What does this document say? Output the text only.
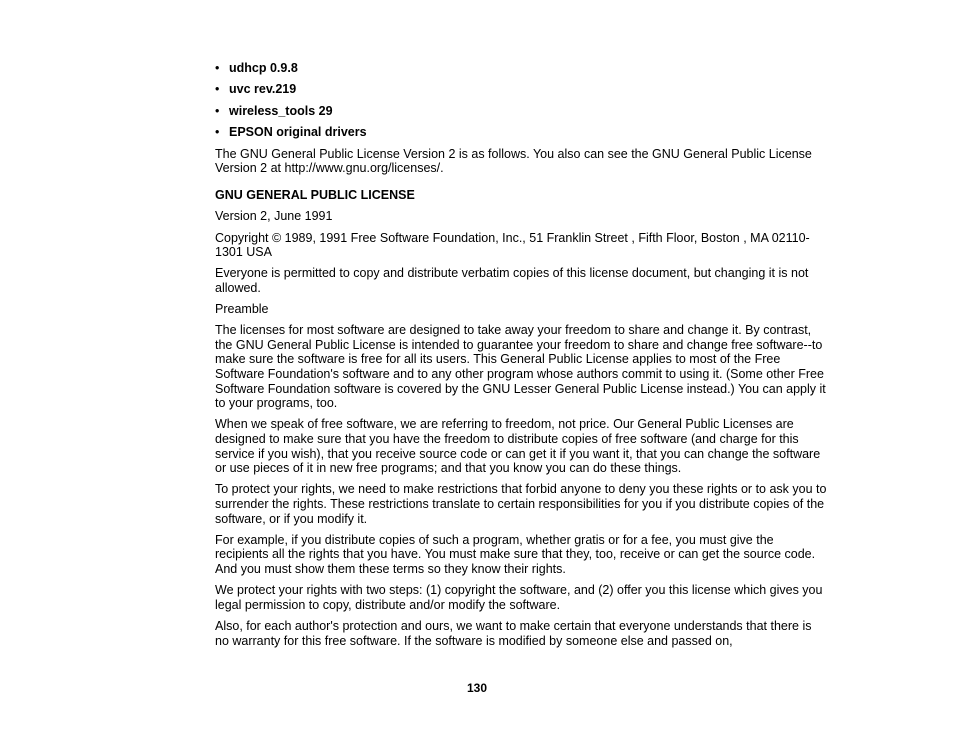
• udhcp 0.9.8
• uvc rev.219
• wireless_tools 29
• EPSON original drivers

The GNU General Public License Version 2 is as follows. You also can see the GNU General Public License Version 2 at http://www.gnu.org/licenses/.

GNU GENERAL PUBLIC LICENSE

Version 2, June 1991

Copyright © 1989, 1991 Free Software Foundation, Inc., 51 Franklin Street , Fifth Floor, Boston , MA 02110-1301 USA

Everyone is permitted to copy and distribute verbatim copies of this license document, but changing it is not allowed.

Preamble

The licenses for most software are designed to take away your freedom to share and change it. By contrast, the GNU General Public License is intended to guarantee your freedom to share and change free software--to make sure the software is free for all its users. This General Public License applies to most of the Free Software Foundation's software and to any other program whose authors commit to using it. (Some other Free Software Foundation software is covered by the GNU Lesser General Public License instead.) You can apply it to your programs, too.

When we speak of free software, we are referring to freedom, not price. Our General Public Licenses are designed to make sure that you have the freedom to distribute copies of free software (and charge for this service if you wish), that you receive source code or can get it if you want it, that you can change the software or use pieces of it in new free programs; and that you know you can do these things.

To protect your rights, we need to make restrictions that forbid anyone to deny you these rights or to ask you to surrender the rights. These restrictions translate to certain responsibilities for you if you distribute copies of the software, or if you modify it.

For example, if you distribute copies of such a program, whether gratis or for a fee, you must give the recipients all the rights that you have. You must make sure that they, too, receive or can get the source code. And you must show them these terms so they know their rights.

We protect your rights with two steps: (1) copyright the software, and (2) offer you this license which gives you legal permission to copy, distribute and/or modify the software.

Also, for each author's protection and ours, we want to make certain that everyone understands that there is no warranty for this free software. If the software is modified by someone else and passed on,

130
